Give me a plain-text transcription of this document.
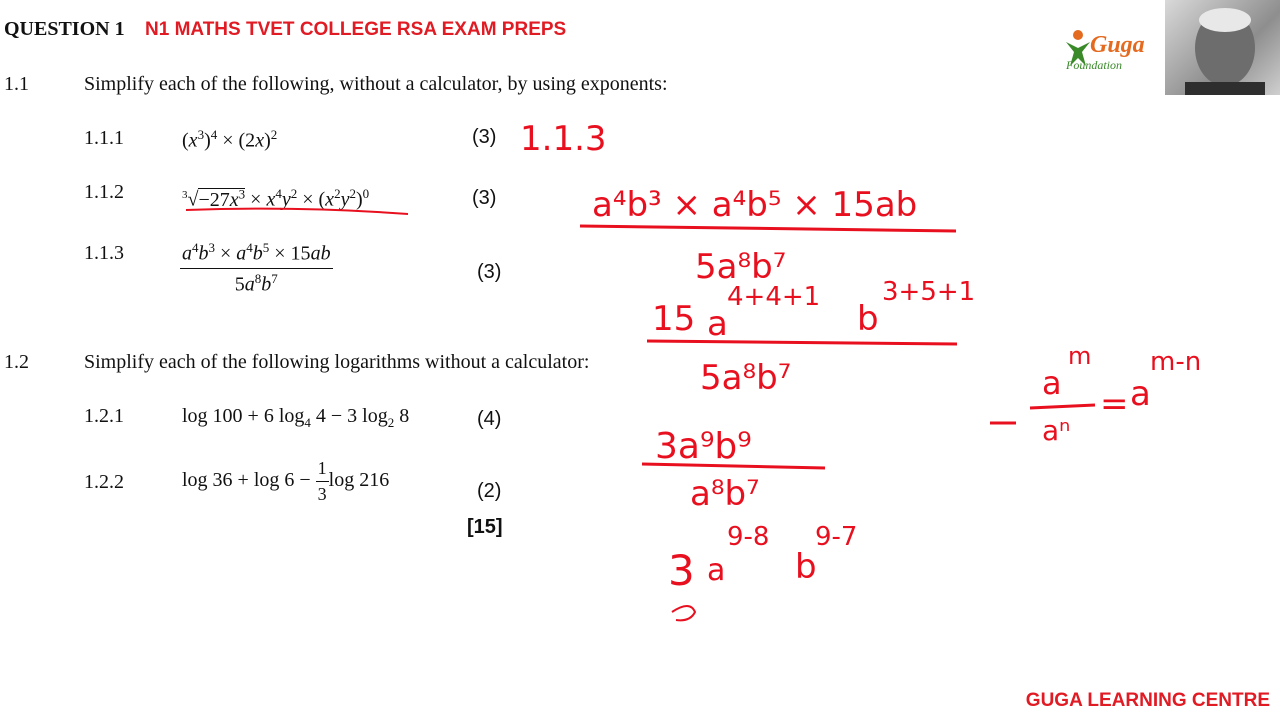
QUESTION 1 N1 MATHS TVET COLLEGE RSA EXAM PREPS
Guga
Foundation
1.1	Simplify each of the following, without a calculator, by using exponents:
1.1.1	$(x^3)^4 \times (2x)^2$	(3)
1.1.2	$^3√-27x^3 \times x^4y^2 \times (x^2y^2)^0$	(3)
1.1.3	$\frac{a^4b^3 \times a^4b^5 \times 15ab}{5a^8b^7}$	(3)
1.2	Simplify each of the following logarithms without a calculator:
1.2.1	log 100 + 6 $\log_4 4 - 3$ $\log_2 8$	(4)
1.2.2	$\log 36 + \log 6 - \frac{1}{3}$ log 216	(2)
[15]
1.1.3
a⁴b³ × a⁴b⁵ × 15ab
5a⁸b⁷
15 a
4+4+1
b
3+5+1
5a⁸b⁷
3a⁹b⁹
a⁸b⁷
3 a
9-8
b
9-7
a
m
aⁿ
= a
m-n
GUGA LEARNING CENTRE
